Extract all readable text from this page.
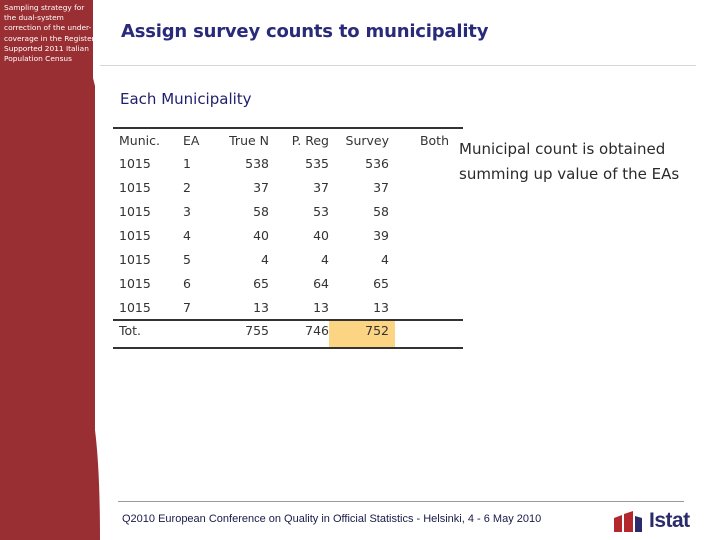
Sampling strategy for
the dual-system
correction of the under-
coverage in the Register
Supported 2011 Italian
Population Census
Assign survey counts to municipality
Each Municipality
Munic.	EA	True N	P. Reg	Survey	Both
1015	1	538	535	536	
1015	2	37	37	37	
1015	3	58	53	58	
1015	4	40	40	39	
1015	5	4	4	4	
1015	6	65	64	65	
1015	7	13	13	13	
Tot.		755	746	752	
Municipal count is obtained summing up value of the EAs
Q2010 European Conference on Quality in Official Statistics - Helsinki, 4 - 6 May 2010	Istat
